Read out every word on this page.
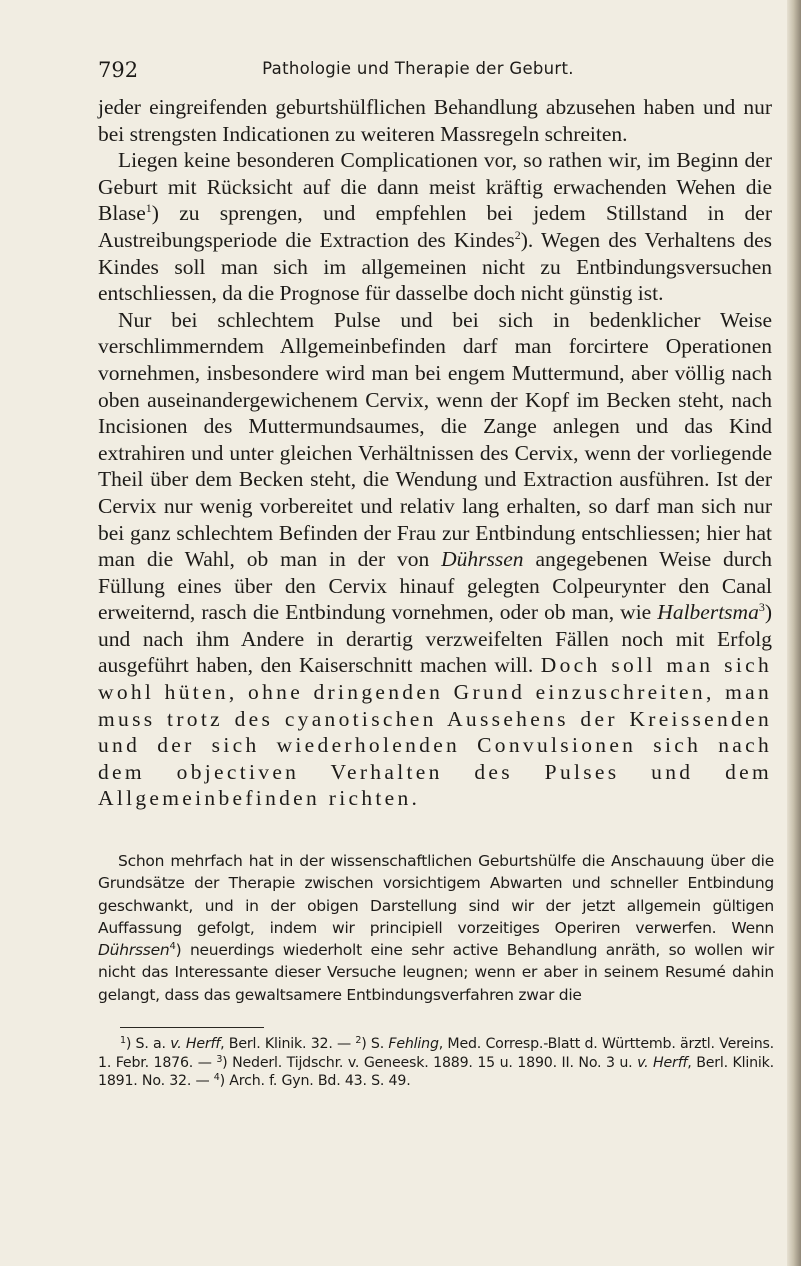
792	Pathologie und Therapie der Geburt.

jeder eingreifenden geburtshülflichen Behandlung abzusehen haben und nur bei strengsten Indicationen zu weiteren Massregeln schreiten.

Liegen keine besonderen Complicationen vor, so rathen wir, im Beginn der Geburt mit Rücksicht auf die dann meist kräftig erwachenden Wehen die Blase$^1$) zu sprengen, und empfehlen bei jedem Stillstand in der Austreibungsperiode die Extraction des Kindes$^2$). Wegen des Verhaltens des Kindes soll man sich im allgemeinen nicht zu Entbindungsversuchen entschliessen, da die Prognose für dasselbe doch nicht günstig ist.

Nur bei schlechtem Pulse und bei sich in bedenklicher Weise verschlimmerndem Allgemeinbefinden darf man forcirtere Operationen vornehmen, insbesondere wird man bei engem Muttermund, aber völlig nach oben auseinandergewichenem Cervix, wenn der Kopf im Becken steht, nach Incisionen des Muttermundsaumes, die Zange anlegen und das Kind extrahiren und unter gleichen Verhältnissen des Cervix, wenn der vorliegende Theil über dem Becken steht, die Wendung und Extraction ausführen. Ist der Cervix nur wenig vorbereitet und relativ lang erhalten, so darf man sich nur bei ganz schlechtem Befinden der Frau zur Entbindung entschliessen; hier hat man die Wahl, ob man in der von Dührssen angegebenen Weise durch Füllung eines über den Cervix hinauf gelegten Colpeurynter den Canal erweiternd, rasch die Entbindung vornehmen, oder ob man, wie Halbertsma$^3$) und nach ihm Andere in derartig verzweifelten Fällen noch mit Erfolg ausgeführt haben, den Kaiserschnitt machen will. Doch soll man sich wohl hüten, ohne dringenden Grund einzuschreiten, man muss trotz des cyanotischen Aussehens der Kreissenden und der sich wiederholenden Convulsionen sich nach dem objectiven Verhalten des Pulses und dem Allgemeinbefinden richten.

Schon mehrfach hat in der wissenschaftlichen Geburtshülfe die Anschauung über die Grundsätze der Therapie zwischen vorsichtigem Abwarten und schneller Entbindung geschwankt, und in der obigen Darstellung sind wir der jetzt allgemein gültigen Auffassung gefolgt, indem wir principiell vorzeitiges Operiren verwerfen. Wenn Dührssen$^4$) neuerdings wiederholt eine sehr active Behandlung anräth, so wollen wir nicht das Interessante dieser Versuche leugnen; wenn er aber in seinem Resumé dahin gelangt, dass das gewaltsamere Entbindungsverfahren zwar die

$^1$) S. a. v. Herff, Berl. Klinik. 32. — $^2$) S. Fehling, Med. Corresp.-Blatt d. Württemb. ärztl. Vereins. 1. Febr. 1876. — $^3$) Nederl. Tijdschr. v. Geneesk. 1889. 15 u. 1890. II. No. 3 u. v. Herff, Berl. Klinik. 1891. No. 32. — $^4$) Arch. f. Gyn. Bd. 43. S. 49.
